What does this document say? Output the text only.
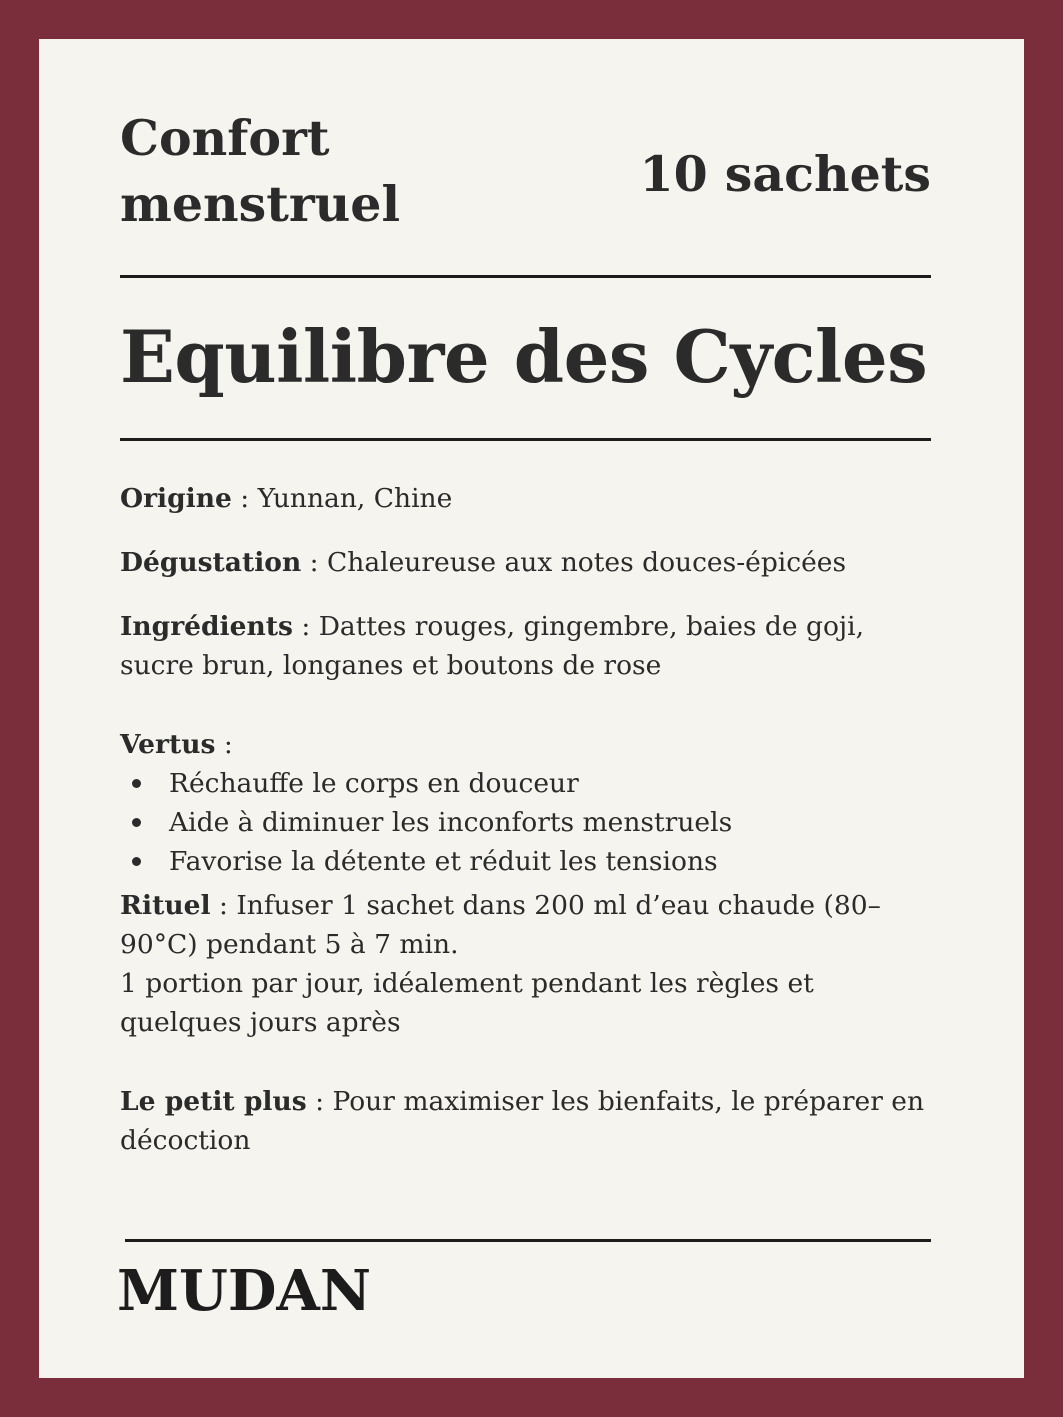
Confort
menstruel
10 sachets
Equilibre des Cycles

Origine : Yunnan, Chine

Dégustation : Chaleureuse aux notes douces-épicées

Ingrédients : Dattes rouges, gingembre, baies de goji, sucre brun, longanes et boutons de rose

Vertus :

Réchauffe le corps en douceur
Aide à diminuer les inconforts menstruels
Favorise la détente et réduit les tensions

Rituel : Infuser 1 sachet dans 200 ml d’eau chaude (80–90°C) pendant 5 à 7 min.
1 portion par jour, idéalement pendant les règles et quelques jours après

Le petit plus : Pour maximiser les bienfaits, le préparer en décoction

MUDAN
